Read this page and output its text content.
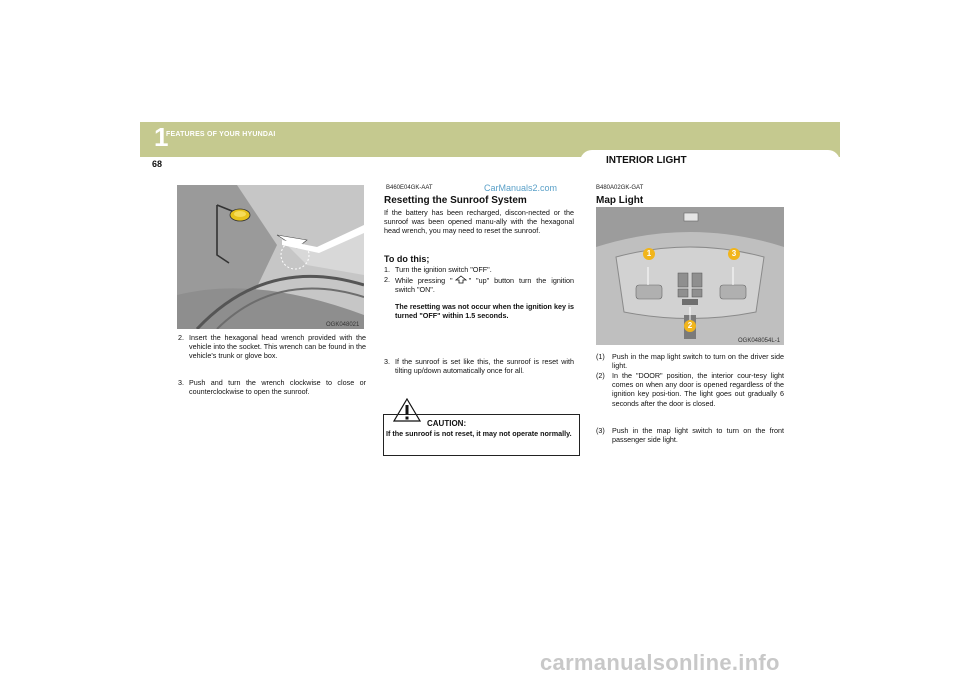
1
FEATURES OF YOUR HYUNDAI
68	INTERIOR LIGHT
OGK048021
2. Insert the hexagonal head wrench provided with the vehicle into the socket. This wrench can be found in the vehicle's trunk or glove box.
3. Push and turn the wrench clockwise to close or counterclockwise to open the sunroof.
B460E04GK-AAT	CarManuals2.com
Resetting the Sunroof System
If the battery has been recharged, discon-nected or the sunroof was been opened manu-ally with the hexagonal head wrench, you may need to reset the sunroof.
To do this;
1. Turn the ignition switch "OFF".
2. While pressing " " "up" button turn the ignition switch "ON".
The resetting was not occur when the ignition key is turned "OFF" within 1.5 seconds.
3. If the sunroof is set like this, the sunroof is reset with tilting up/down automatically once for all.
CAUTION:
If the sunroof is not reset, it may not operate normally.
B480A02GK-GAT
Map Light
1
2
3
OGK048054L-1
(1)	Push in the map light switch to turn on the driver side light.
(2)	In the "DOOR" position, the interior cour-tesy light comes on when any door is opened regardless of the ignition key posi-tion. The light goes out gradually 6 seconds after the door is closed.
(3)	Push in the map light switch to turn on the front passenger side light.
carmanualsonline.info
